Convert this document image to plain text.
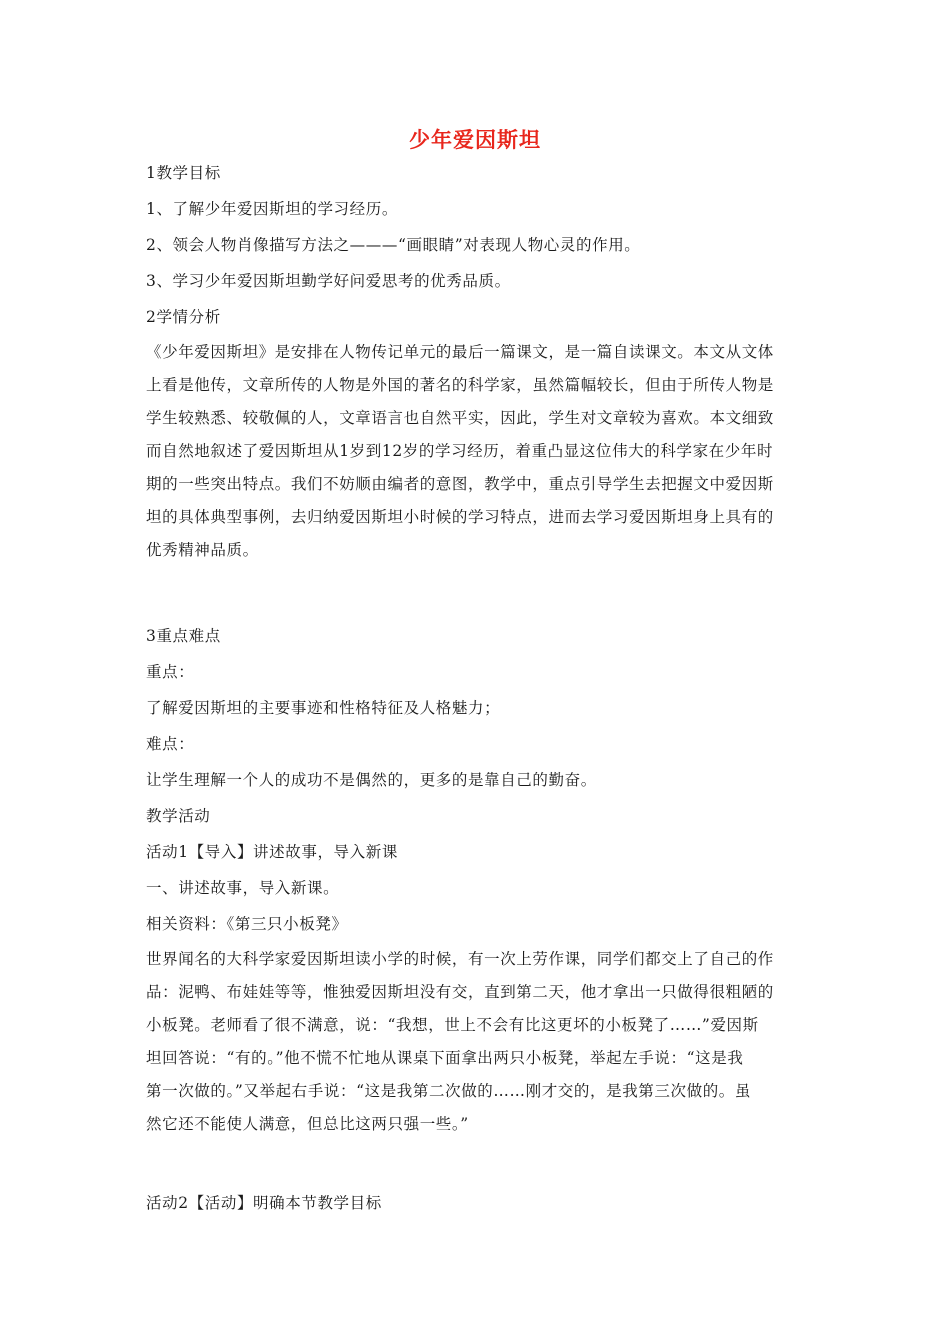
少年爱因斯坦
1教学目标
1、了解少年爱因斯坦的学习经历。
2、领会人物肖像描写方法之———“画眼睛”对表现人物心灵的作用。
3、学习少年爱因斯坦勤学好问爱思考的优秀品质。
2学情分析
《少年爱因斯坦》是安排在人物传记单元的最后一篇课文，是一篇自读课文。本文从文体
上看是他传，文章所传的人物是外国的著名的科学家，虽然篇幅较长，但由于所传人物是
学生较熟悉、较敬佩的人，文章语言也自然平实，因此，学生对文章较为喜欢。本文细致
而自然地叙述了爱因斯坦从1岁到12岁的学习经历，着重凸显这位伟大的科学家在少年时
期的一些突出特点。我们不妨顺由编者的意图，教学中，重点引导学生去把握文中爱因斯
坦的具体典型事例，去归纳爱因斯坦小时候的学习特点，进而去学习爱因斯坦身上具有的
优秀精神品质。
3重点难点
重点：
了解爱因斯坦的主要事迹和性格特征及人格魅力；
难点：
让学生理解一个人的成功不是偶然的，更多的是靠自己的勤奋。
教学活动
活动1【导入】讲述故事，导入新课
一、讲述故事，导入新课。
相关资料：《第三只小板凳》
世界闻名的大科学家爱因斯坦读小学的时候，有一次上劳作课，同学们都交上了自己的作
品：泥鸭、布娃娃等等，惟独爱因斯坦没有交，直到第二天，他才拿出一只做得很粗陋的
小板凳。老师看了很不满意，说：“我想，世上不会有比这更坏的小板凳了……”爱因斯
坦回答说：“有的。”他不慌不忙地从课桌下面拿出两只小板凳，举起左手说：“这是我
第一次做的。”又举起右手说：“这是我第二次做的……刚才交的，是我第三次做的。虽
然它还不能使人满意，但总比这两只强一些。”
活动2【活动】明确本节教学目标
